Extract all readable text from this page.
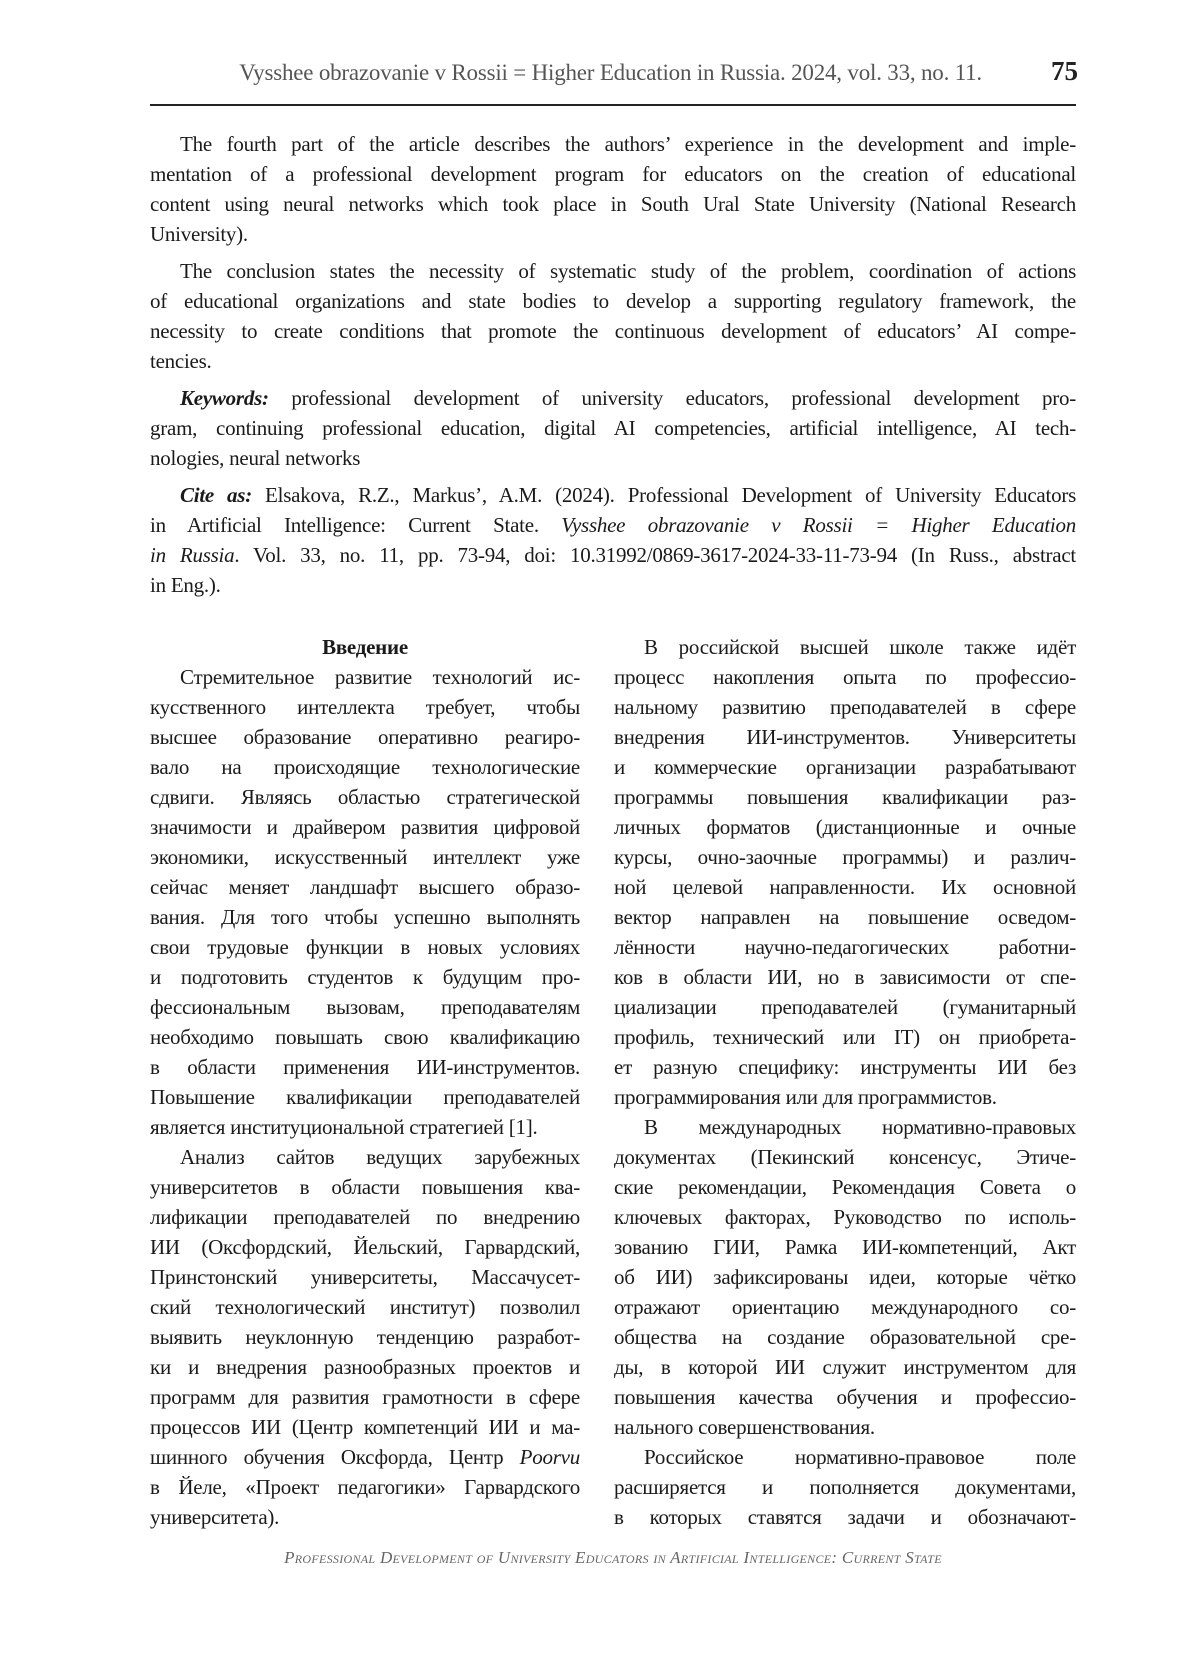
Vysshee obrazovanie v Rossii = Higher Education in Russia. 2024, vol. 33, no. 11.	75
The fourth part of the article describes the authors’ experience in the development and imple-
mentation of a professional development program for educators on the creation of educational
content using neural networks which took place in South Ural State University (National Research
University).
The conclusion states the necessity of systematic study of the problem, coordination of actions
of educational organizations and state bodies to develop a supporting regulatory framework, the
necessity to create conditions that promote the continuous development of educators’ AI compe-
tencies.
Keywords: professional development of university educators, professional development pro-
gram, continuing professional education, digital AI competencies, artificial intelligence, AI tech-
nologies, neural networks
Cite as: Elsakova, R.Z., Markus’, A.M. (2024). Professional Development of University Educators
in Artificial Intelligence: Current State. Vysshee obrazovanie v Rossii = Higher Education
in Russia. Vol. 33, no. 11, pp. 73-94, doi: 10.31992/0869-3617-2024-33-11-73-94 (In Russ., abstract
in Eng.).
Введение
Стремительное развитие технологий ис-
кусственного интеллекта требует, чтобы
высшее образование оперативно реагиро-
вало на происходящие технологические
сдвиги. Являясь областью стратегической
значимости и драйвером развития цифровой
экономики, искусственный интеллект уже
сейчас меняет ландшафт высшего образо-
вания. Для того чтобы успешно выполнять
свои трудовые функции в новых условиях
и подготовить студентов к будущим про-
фессиональным вызовам, преподавателям
необходимо повышать свою квалификацию
в области применения ИИ-инструментов.
Повышение квалификации преподавателей
является институциональной стратегией [1].
Анализ сайтов ведущих зарубежных
университетов в области повышения ква-
лификации преподавателей по внедрению
ИИ (Оксфордский, Йельский, Гарвардский,
Принстонский университеты, Массачусет-
ский технологический институт) позволил
выявить неуклонную тенденцию разработ-
ки и внедрения разнообразных проектов и
программ для развития грамотности в сфере
процессов ИИ (Центр компетенций ИИ и ма-
шинного обучения Оксфорда, Центр Poorvu
в Йеле, «Проект педагогики» Гарвардского
университета).
В российской высшей школе также идёт
процесс накопления опыта по профессио-
нальному развитию преподавателей в сфере
внедрения ИИ-инструментов. Университеты
и коммерческие организации разрабатывают
программы повышения квалификации раз-
личных форматов (дистанционные и очные
курсы, очно-заочные программы) и различ-
ной целевой направленности. Их основной
вектор направлен на повышение осведом-
лённости научно-педагогических работни-
ков в области ИИ, но в зависимости от спе-
циализации преподавателей (гуманитарный
профиль, технический или IT) он приобрета-
ет разную специфику: инструменты ИИ без
программирования или для программистов.
В международных нормативно-правовых
документах (Пекинский консенсус, Этиче-
ские рекомендации, Рекомендация Совета о
ключевых факторах, Руководство по исполь-
зованию ГИИ, Рамка ИИ-компетенций, Акт
об ИИ) зафиксированы идеи, которые чётко
отражают ориентацию международного со-
общества на создание образовательной сре-
ды, в которой ИИ служит инструментом для
повышения качества обучения и профессио-
нального совершенствования.
Российское нормативно-правовое поле
расширяется и пополняется документами,
в которых ставятся задачи и обозначают-
Professional Development of University Educators in Artificial Intelligence: Current State
